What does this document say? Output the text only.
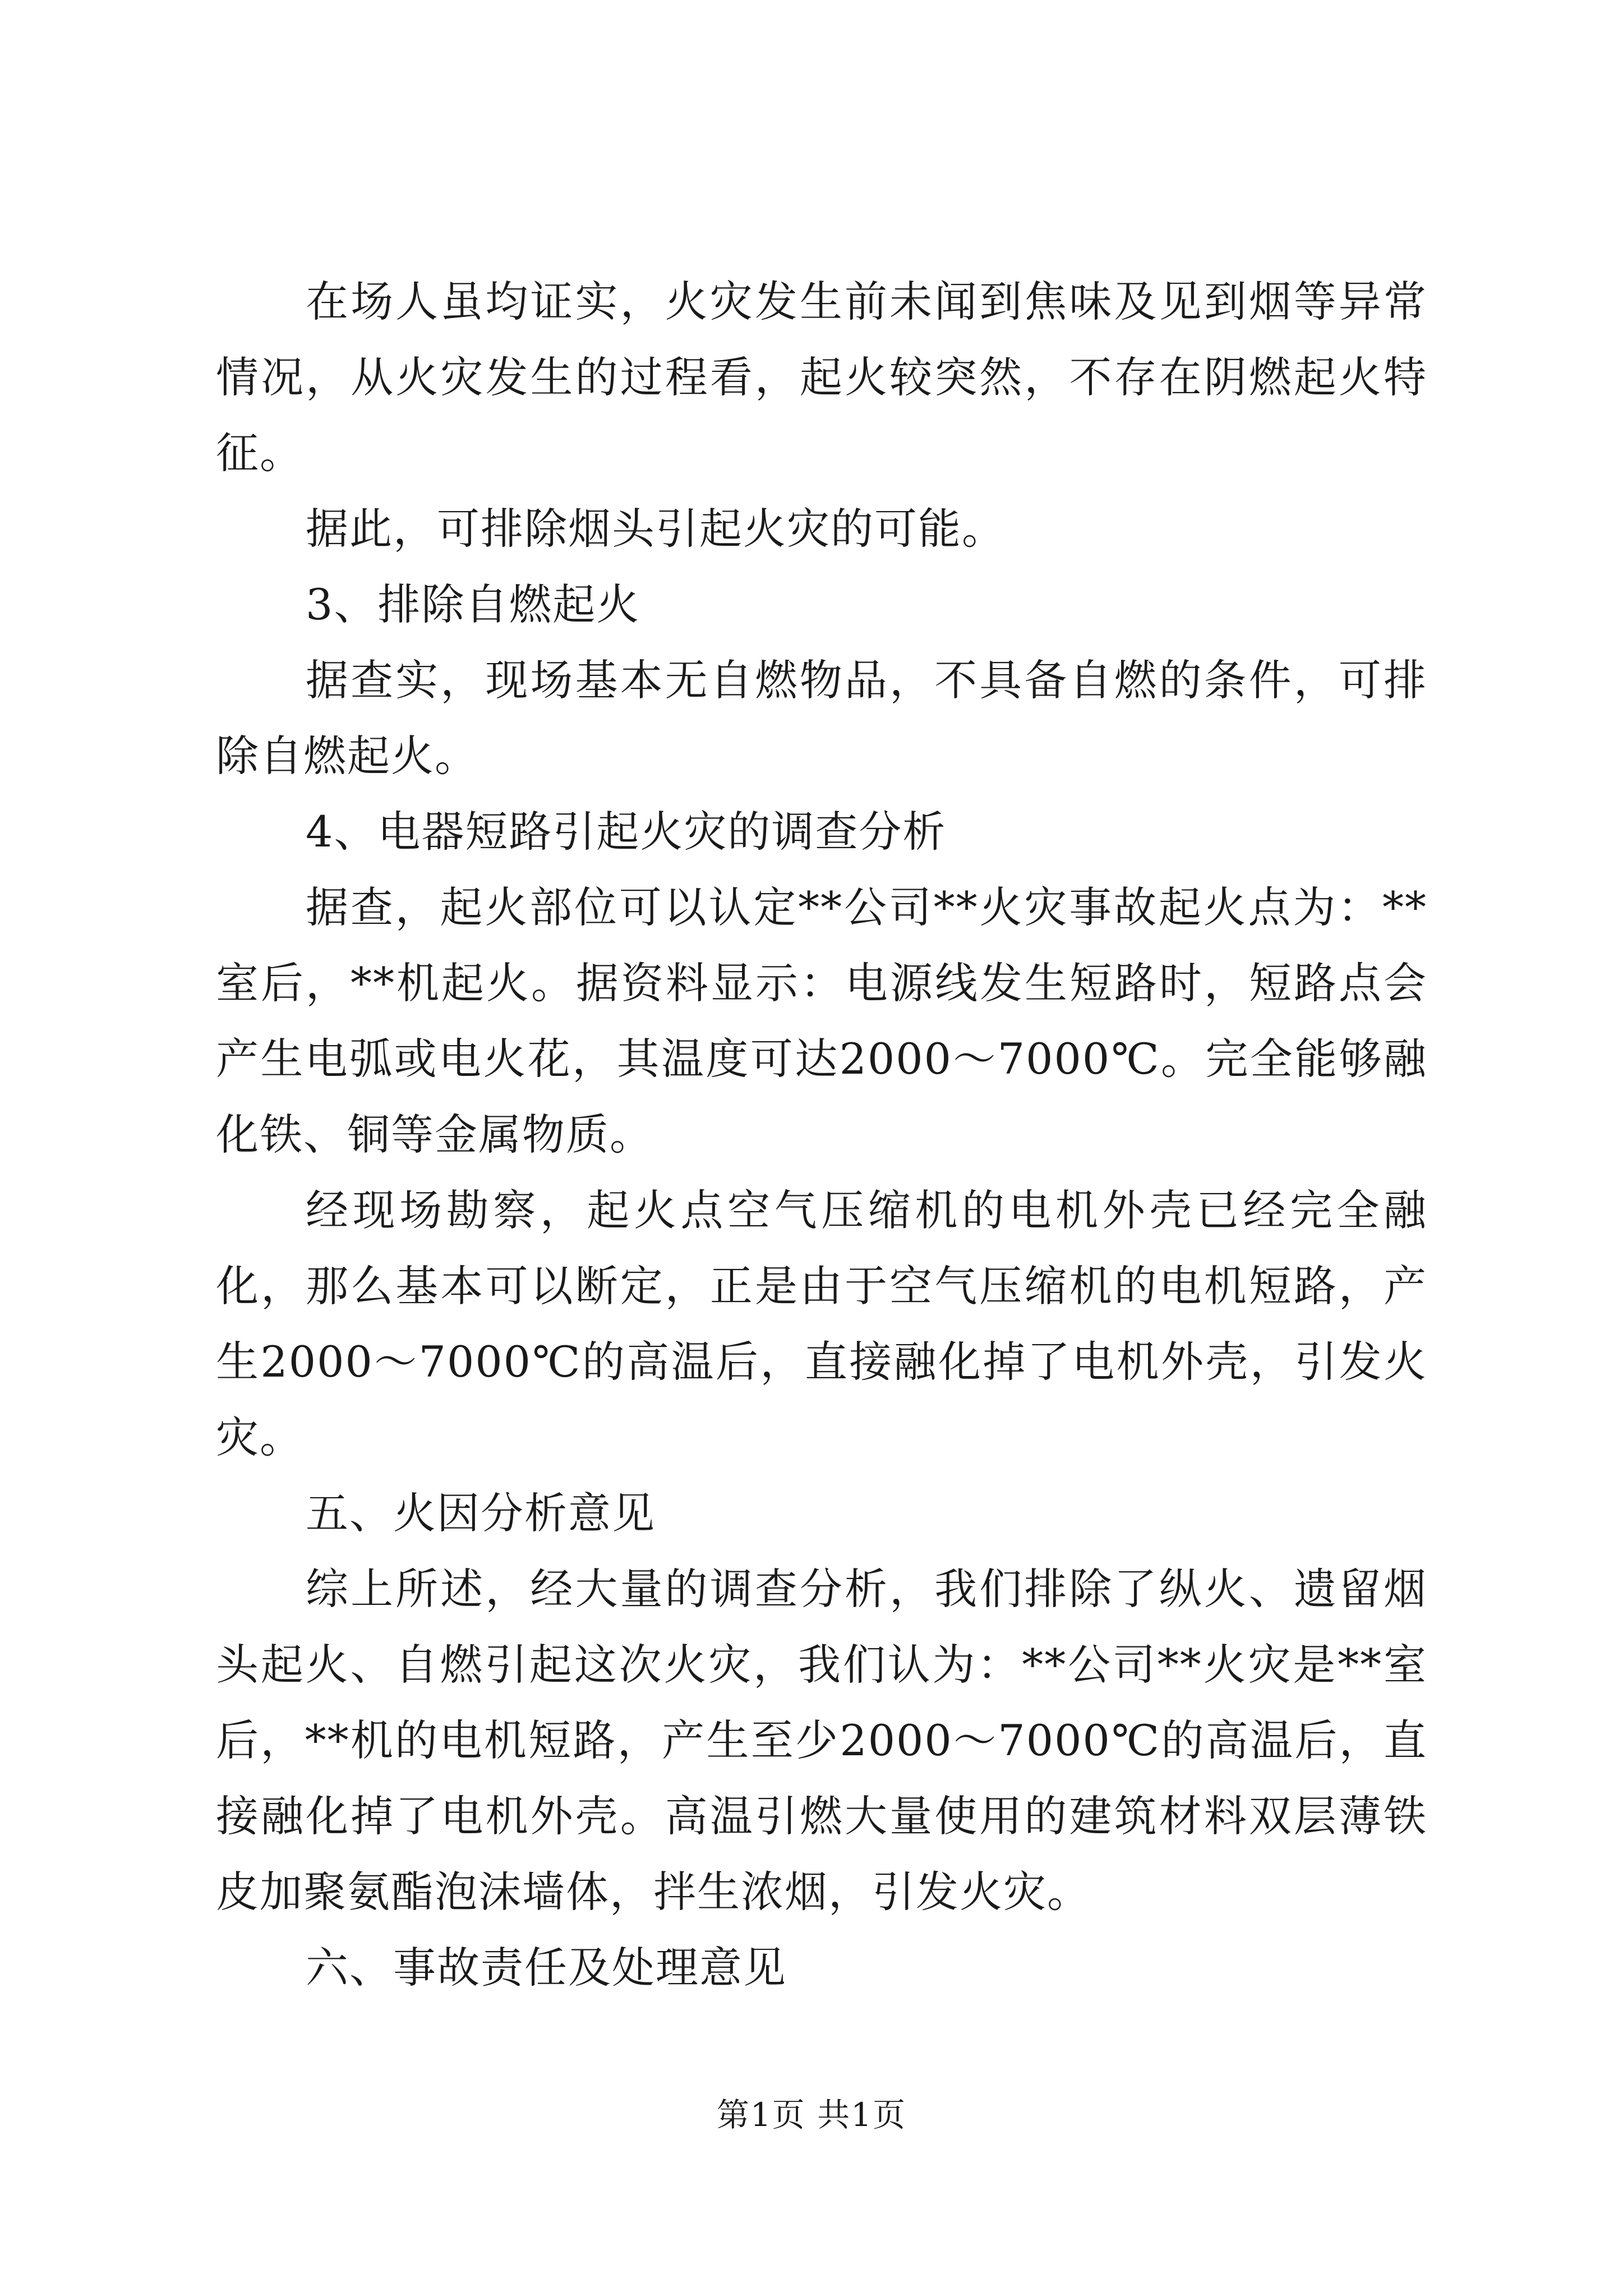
在场人虽均证实，火灾发生前未闻到焦味及见到烟等异常情况，从火灾发生的过程看，起火较突然，不存在阴燃起火特征。

据此，可排除烟头引起火灾的可能。

3、排除自燃起火

据查实，现场基本无自燃物品，不具备自燃的条件，可排除自燃起火。

4、电器短路引起火灾的调查分析

据查，起火部位可以认定**公司**火灾事故起火点为：**室后，**机起火。据资料显示：电源线发生短路时，短路点会产生电弧或电火花，其温度可达2000～7000℃。完全能够融化铁、铜等金属物质。

经现场勘察，起火点空气压缩机的电机外壳已经完全融化，那么基本可以断定，正是由于空气压缩机的电机短路，产生2000～7000℃的高温后，直接融化掉了电机外壳，引发火灾。

五、火因分析意见

综上所述，经大量的调查分析，我们排除了纵火、遗留烟头起火、自燃引起这次火灾，我们认为：**公司**火灾是**室后，**机的电机短路，产生至少2000～7000℃的高温后，直接融化掉了电机外壳。高温引燃大量使用的建筑材料双层薄铁皮加聚氨酯泡沫墙体，拌生浓烟，引发火灾。

六、事故责任及处理意见

第1页 共1页
